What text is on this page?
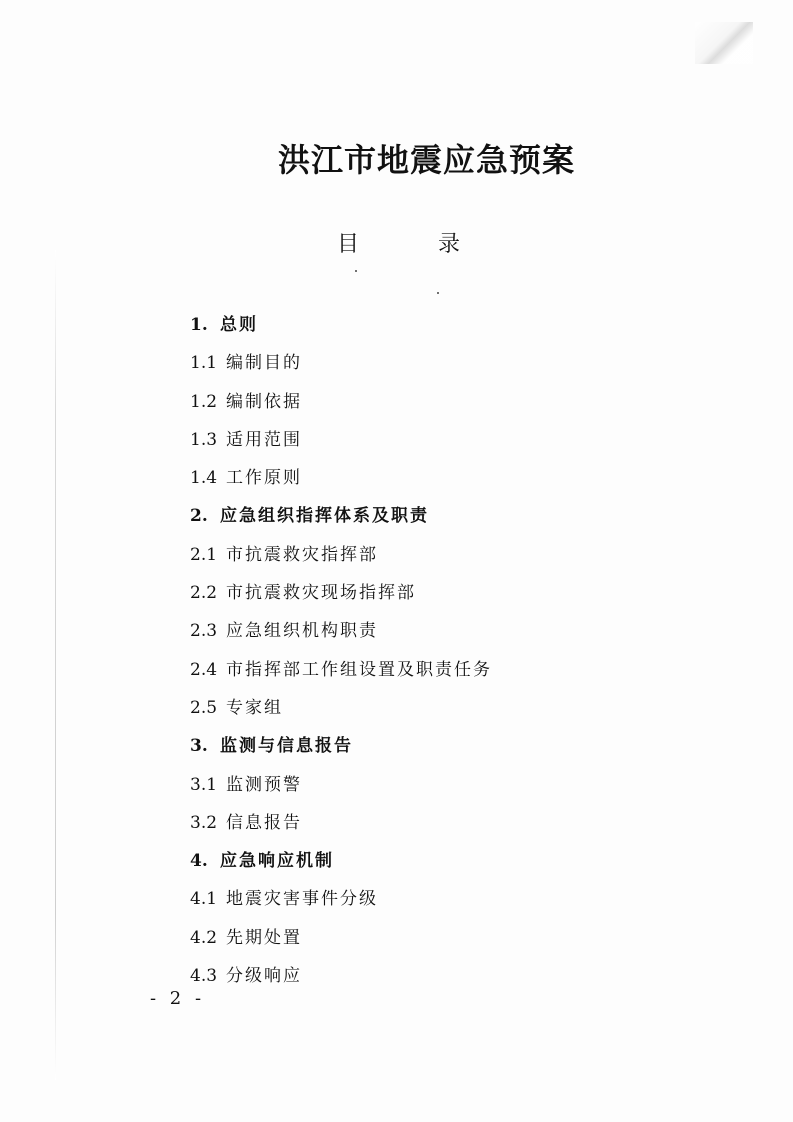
洪江市地震应急预案
目 录
1. 总则
1.1 编制目的
1.2 编制依据
1.3 适用范围
1.4 工作原则
2. 应急组织指挥体系及职责
2.1 市抗震救灾指挥部
2.2 市抗震救灾现场指挥部
2.3 应急组织机构职责
2.4 市指挥部工作组设置及职责任务
2.5 专家组
3. 监测与信息报告
3.1 监测预警
3.2 信息报告
4. 应急响应机制
4.1 地震灾害事件分级
4.2 先期处置
4.3 分级响应
- 2 -
